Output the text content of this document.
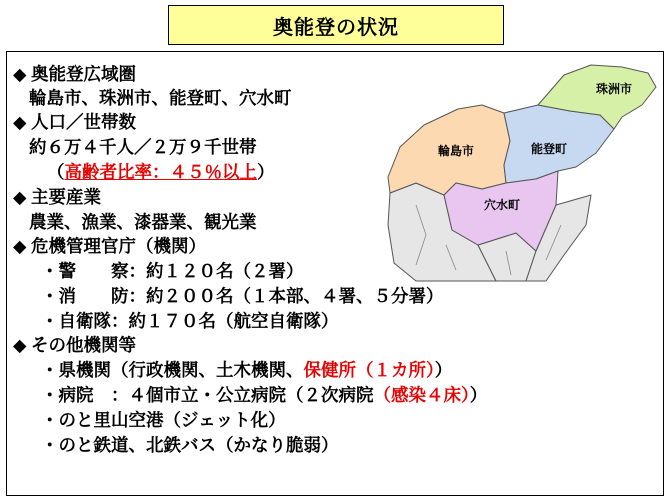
奥能登の状況
◆ 奥能登広域圏
輪島市、珠洲市、能登町、穴水町
◆ 人口／世帯数
約６万４千人／２万９千世帯
（高齢者比率：４５％以上）
◆ 主要産業
農業、漁業、漆器業、観光業
◆ 危機管理官庁（機関）
・警　　察：約１２０名（２署）
・消　　防：約２００名（１本部、４署、５分署）
・自衛隊：約１７０名（航空自衛隊）
◆ その他機関等
・県機関（行政機関、土木機関、保健所（１カ所））
・病院　：４個市立・公立病院（２次病院（感染４床））
・のと里山空港（ジェット化）
・のと鉄道、北鉄バス（かなり脆弱）
珠洲市
輪島市	能登町
穴水町
